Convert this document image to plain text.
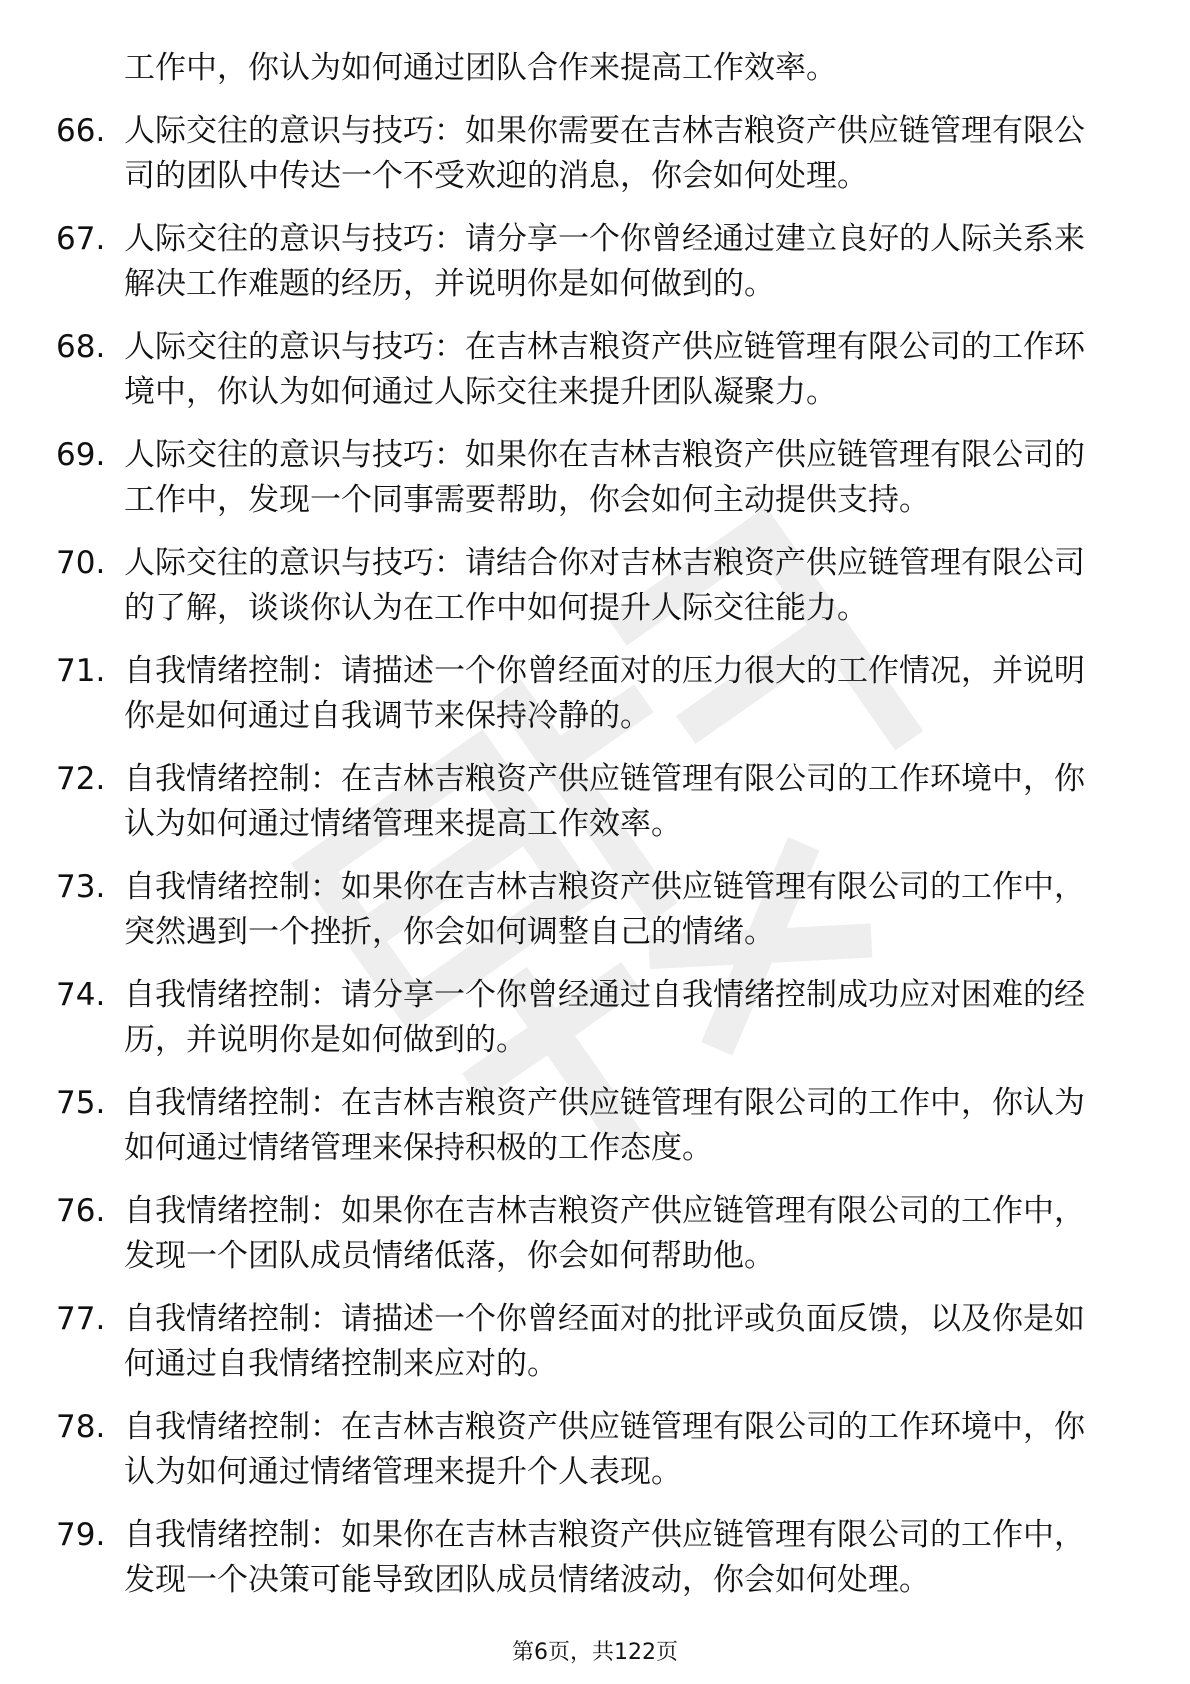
工作中，你认为如何通过团队合作来提高工作效率。
66. 人际交往的意识与技巧：如果你需要在吉林吉粮资产供应链管理有限公司的团队中传达一个不受欢迎的消息，你会如何处理。
67. 人际交往的意识与技巧：请分享一个你曾经通过建立良好的人际关系来解决工作难题的经历，并说明你是如何做到的。
68. 人际交往的意识与技巧：在吉林吉粮资产供应链管理有限公司的工作环境中，你认为如何通过人际交往来提升团队凝聚力。
69. 人际交往的意识与技巧：如果你在吉林吉粮资产供应链管理有限公司的工作中，发现一个同事需要帮助，你会如何主动提供支持。
70. 人际交往的意识与技巧：请结合你对吉林吉粮资产供应链管理有限公司的了解，谈谈你认为在工作中如何提升人际交往能力。
71. 自我情绪控制：请描述一个你曾经面对的压力很大的工作情况，并说明你是如何通过自我调节来保持冷静的。
72. 自我情绪控制：在吉林吉粮资产供应链管理有限公司的工作环境中，你认为如何通过情绪管理来提高工作效率。
73. 自我情绪控制：如果你在吉林吉粮资产供应链管理有限公司的工作中，突然遇到一个挫折，你会如何调整自己的情绪。
74. 自我情绪控制：请分享一个你曾经通过自我情绪控制成功应对困难的经历，并说明你是如何做到的。
75. 自我情绪控制：在吉林吉粮资产供应链管理有限公司的工作中，你认为如何通过情绪管理来保持积极的工作态度。
76. 自我情绪控制：如果你在吉林吉粮资产供应链管理有限公司的工作中，发现一个团队成员情绪低落，你会如何帮助他。
77. 自我情绪控制：请描述一个你曾经面对的批评或负面反馈，以及你是如何通过自我情绪控制来应对的。
78. 自我情绪控制：在吉林吉粮资产供应链管理有限公司的工作环境中，你认为如何通过情绪管理来提升个人表现。
79. 自我情绪控制：如果你在吉林吉粮资产供应链管理有限公司的工作中，发现一个决策可能导致团队成员情绪波动，你会如何处理。
第6页，共122页
